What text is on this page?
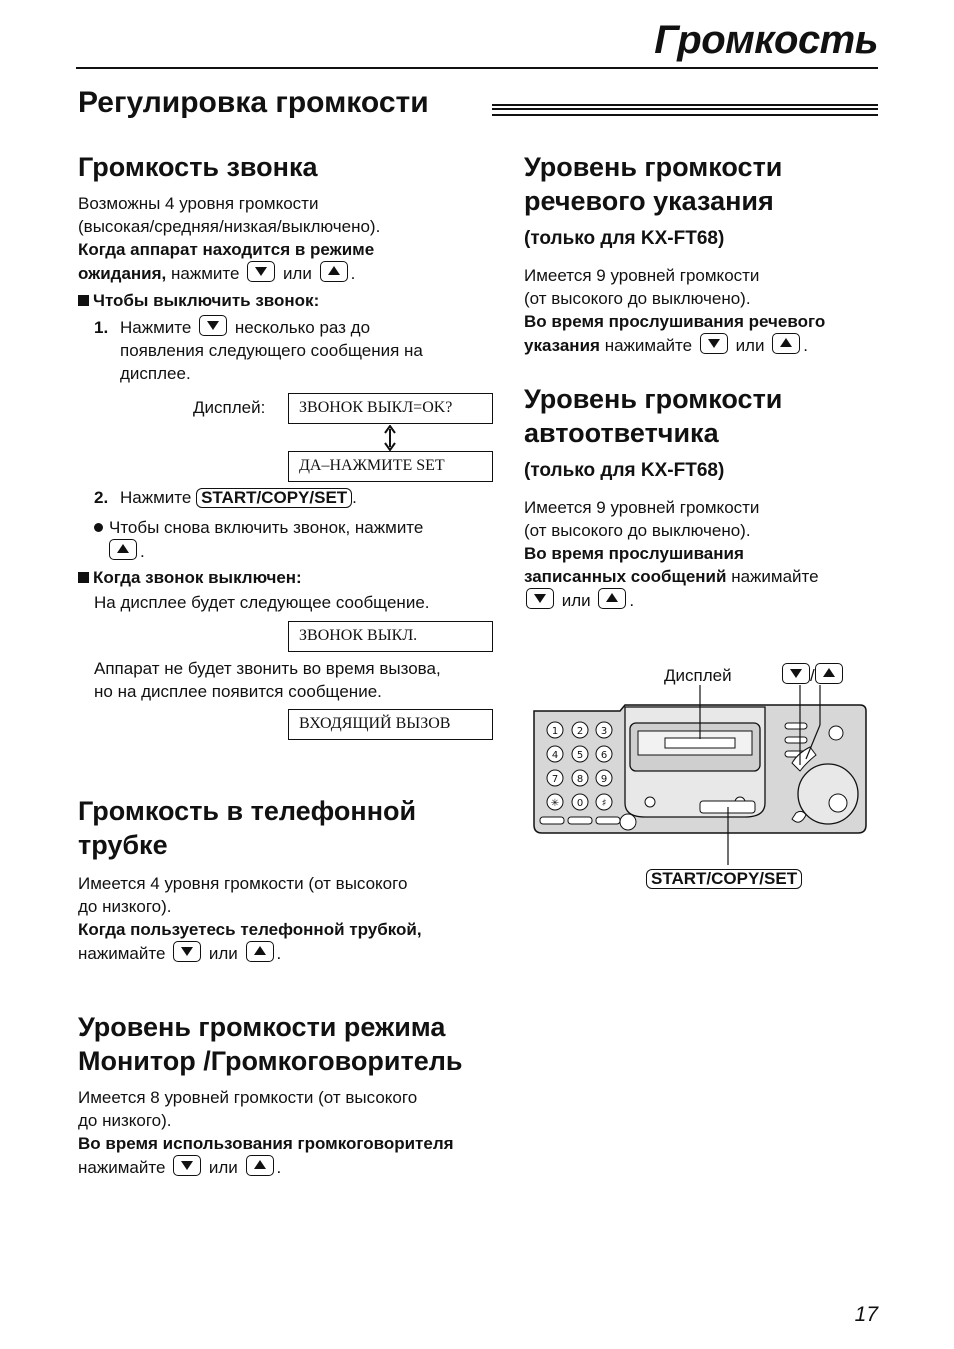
Громкость
Регулировка громкости
Громкость звонка
Возможны 4 уровня громкости
(высокая/средняя/низкая/выключено).
Когда аппарат находится в режиме
ожидания, нажмите	или .
Чтобы выключить звонок:
1. Нажмите	несколько раз до
появления следующего сообщения на
дисплее.
Дисплей:	ЗВОНОК ВЫКЛ=OK?
ДА–НАЖМИТЕ SET
2. Нажмите START/COPY/SET .
Чтобы снова включить звонок, нажмите
.
Когда звонок выключен:
На дисплее будет следующее сообщение.
ЗВОНОК ВЫКЛ.
Аппарат не будет звонить во время вызова,
но на дисплее появится сообщение.
ВХОДЯЩИЙ ВЫЗОВ
Громкость в телефонной
трубке
Имеется 4 уровня громкости (от высокого
до низкого).
Когда пользуетесь телефонной трубкой,
нажимайте	или .
Уровень громкости режима
Монитор /Громкоговоритель
Имеется 8 уровней громкости (от высокого
до низкого).
Во время использования громкоговорителя
нажимайте	или .
Уровень громкости
речевого указания
(только для KX-FT68)
Имеется 9 уровней громкости
(от высокого до выключено).
Во время прослушивания речевого
указания нажимайте	или .
Уровень громкости
автоответчика
(только для KX-FT68)
Имеется 9 уровней громкости
(от высокого до выключено).
Во время прослушивания
записанных сообщений нажимайте
или .
Дисплей	/
1 2 3
4 5 6
7 8 9
✳ 0 ♯
START/COPY/SET
17
